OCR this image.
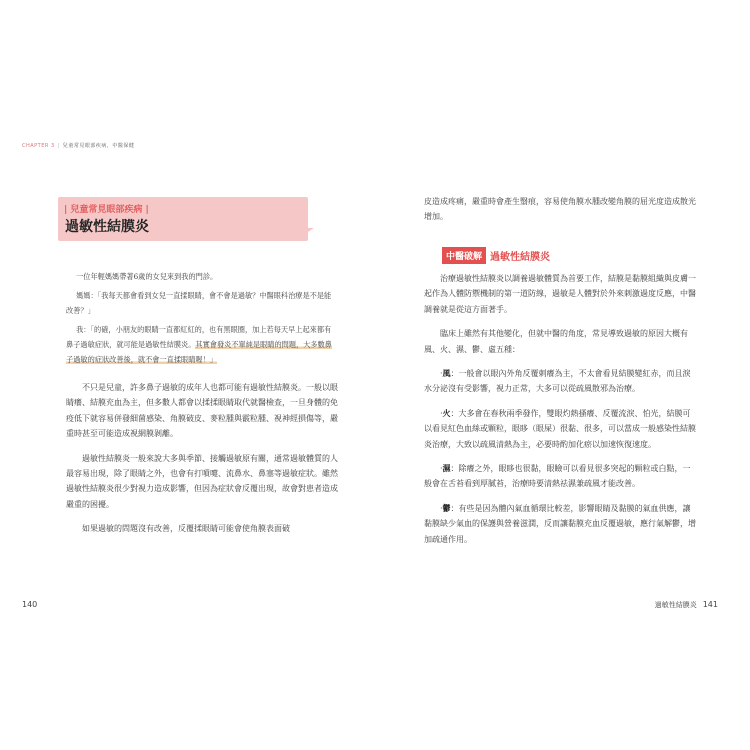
CHAPTER 3 | 兒童常見眼部疾病，中醫保健
| 兒童常見眼部疾病 |
過敏性結膜炎

一位年輕媽媽帶著6歲的女兒來到我的門診。

媽媽：「我每天都會看到女兒一直揉眼睛，會不會是過敏？中醫眼科治療是不是能改善？」

我：「的確，小朋友的眼睛一直都紅紅的，也有黑眼圈，加上若每天早上起來都有鼻子過敏症狀，就可能是過敏性結膜炎。其實會發炎不單純是眼睛的問題，大多數鼻子過敏的症狀改善後，就不會一直揉眼睛喔！」

不只是兒童，許多鼻子過敏的成年人也都可能有過敏性結膜炎。一般以眼睛癢、結膜充血為主，但多數人都會以揉揉眼睛取代就醫檢查，一旦身體的免疫低下就容易併發細菌感染、角膜破皮、麥粒腫與霰粒腫、視神經損傷等，嚴重時甚至可能造成視網膜剝離。

過敏性結膜炎一般來說大多與季節、接觸過敏原有關，通常過敏體質的人最容易出現，除了眼睛之外，也會有打噴嚏、流鼻水、鼻塞等過敏症狀。雖然過敏性結膜炎很少對視力造成影響，但因為症狀會反覆出現，故會對患者造成嚴重的困擾。

如果過敏的問題沒有改善，反覆揉眼睛可能會使角膜表面破

140

皮造成疼痛，嚴重時會產生翳痕，容易使角膜水腫改變角膜的屈光度造成散光增加。

中醫破解 過敏性結膜炎

治療過敏性結膜炎以調養過敏體質為首要工作，結膜是黏膜組織與皮膚一起作為人體防禦機制的第一道防線，過敏是人體對於外來刺激過度反應，中醫調養就是從這方面著手。

臨床上雖然有其他變化，但就中醫的角度，常見導致過敏的原因大概有風、火、濕、鬱、虛五種：

·風：一般會以眼內外角反覆刺癢為主，不太會看見結膜變紅赤，而且淚水分泌沒有受影響，視力正常，大多可以從疏風散邪為治療。

·火：大多會在春秋兩季發作，雙眼灼熱搔癢、反覆流淚、怕光，結膜可以看見紅色血絲或顆粒，眼眵（眼屎）很黏、很多，可以當成一般感染性結膜炎治療，大致以疏風清熱為主，必要時酌加化瘀以加速恢復速度。

·濕：除癢之外，眼眵也很黏，眼瞼可以看見很多突起的顆粒或白點，一般會在舌苔看到厚膩苔，治療時要清熱祛濕兼疏風才能改善。

·鬱：有些是因為體內氣血循環比較差，影響眼睛及黏膜的氣血供應，讓黏膜缺少氣血的保護與營養滋潤，反而讓黏膜充血反覆過敏，應行氣解鬱，增加疏通作用。

過敏性結膜炎 141
